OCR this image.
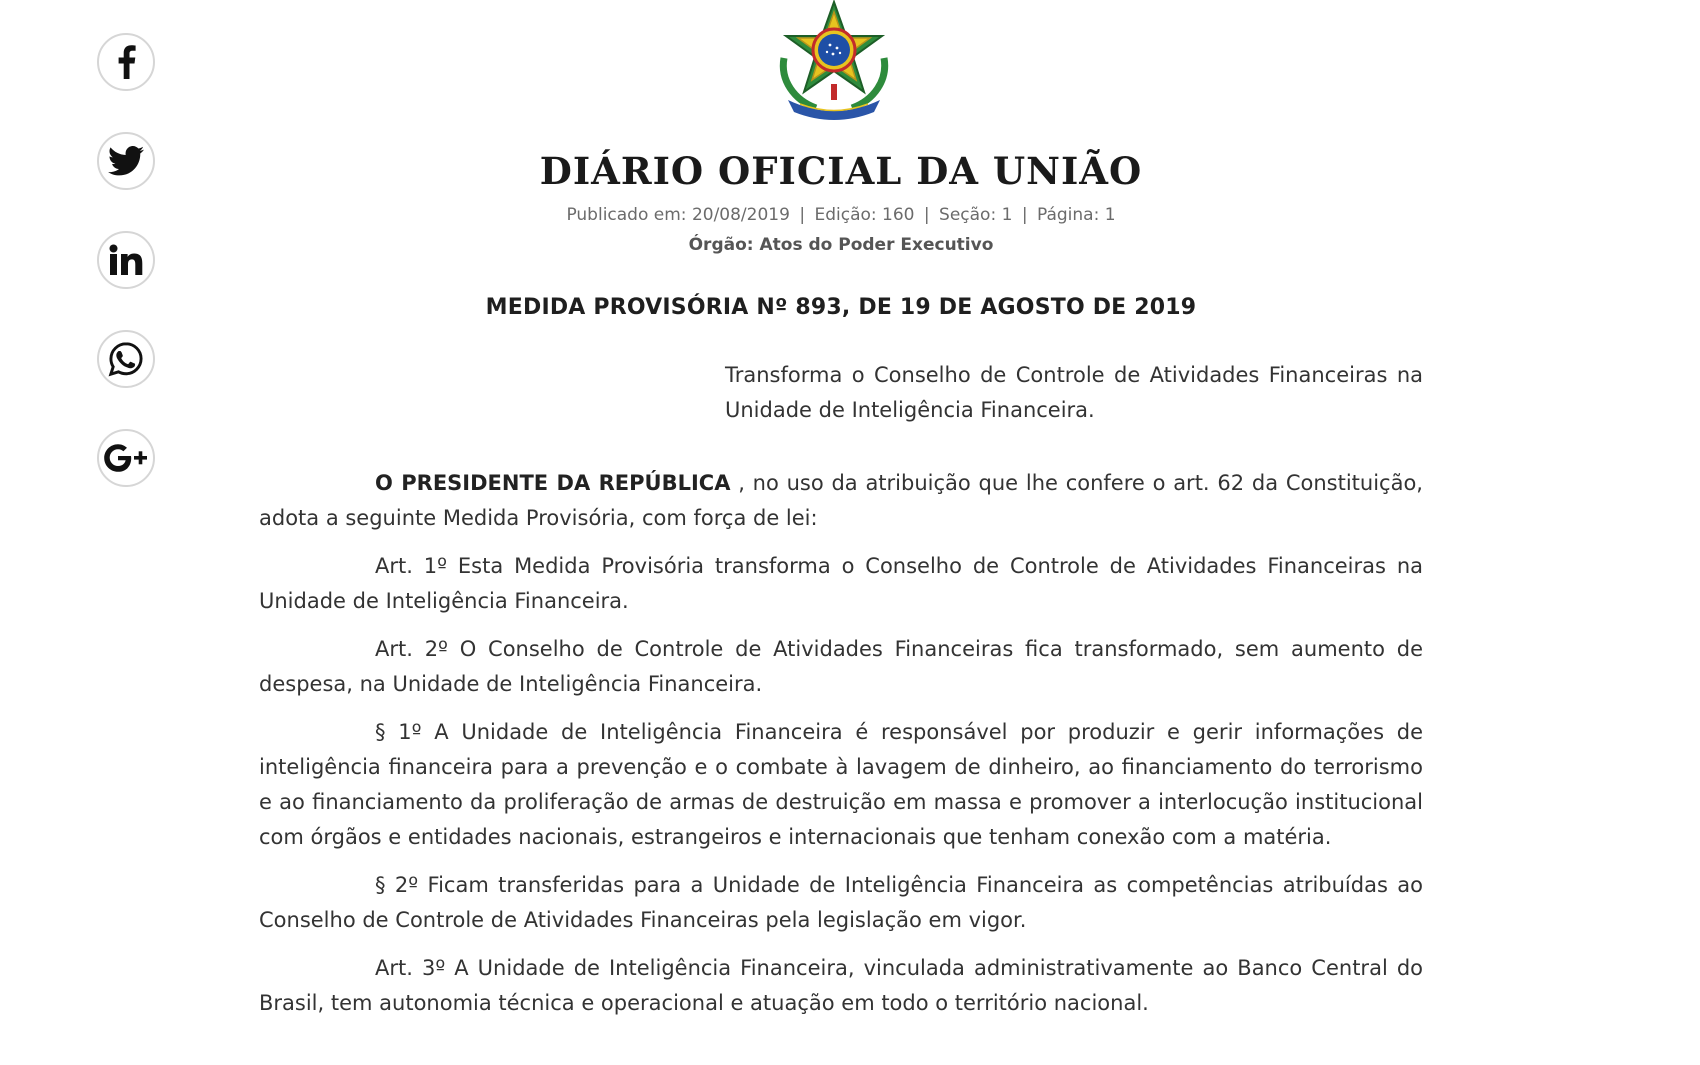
DIÁRIO OFICIAL DA UNIÃO
Publicado em: 20/08/2019 | Edição: 160 | Seção: 1 | Página: 1
Órgão: Atos do Poder Executivo
MEDIDA PROVISÓRIA Nº 893, DE 19 DE AGOSTO DE 2019
Transforma o Conselho de Controle de Atividades Financeiras na Unidade de Inteligência Financeira.

O PRESIDENTE DA REPÚBLICA , no uso da atribuição que lhe confere o art. 62 da Constituição, adota a seguinte Medida Provisória, com força de lei:

Art. 1º Esta Medida Provisória transforma o Conselho de Controle de Atividades Financeiras na Unidade de Inteligência Financeira.

Art. 2º O Conselho de Controle de Atividades Financeiras fica transformado, sem aumento de despesa, na Unidade de Inteligência Financeira.

§ 1º A Unidade de Inteligência Financeira é responsável por produzir e gerir informações de inteligência financeira para a prevenção e o combate à lavagem de dinheiro, ao financiamento do terrorismo e ao financiamento da proliferação de armas de destruição em massa e promover a interlocução institucional com órgãos e entidades nacionais, estrangeiros e internacionais que tenham conexão com a matéria.

§ 2º Ficam transferidas para a Unidade de Inteligência Financeira as competências atribuídas ao Conselho de Controle de Atividades Financeiras pela legislação em vigor.

Art. 3º A Unidade de Inteligência Financeira, vinculada administrativamente ao Banco Central do Brasil, tem autonomia técnica e operacional e atuação em todo o território nacional.
